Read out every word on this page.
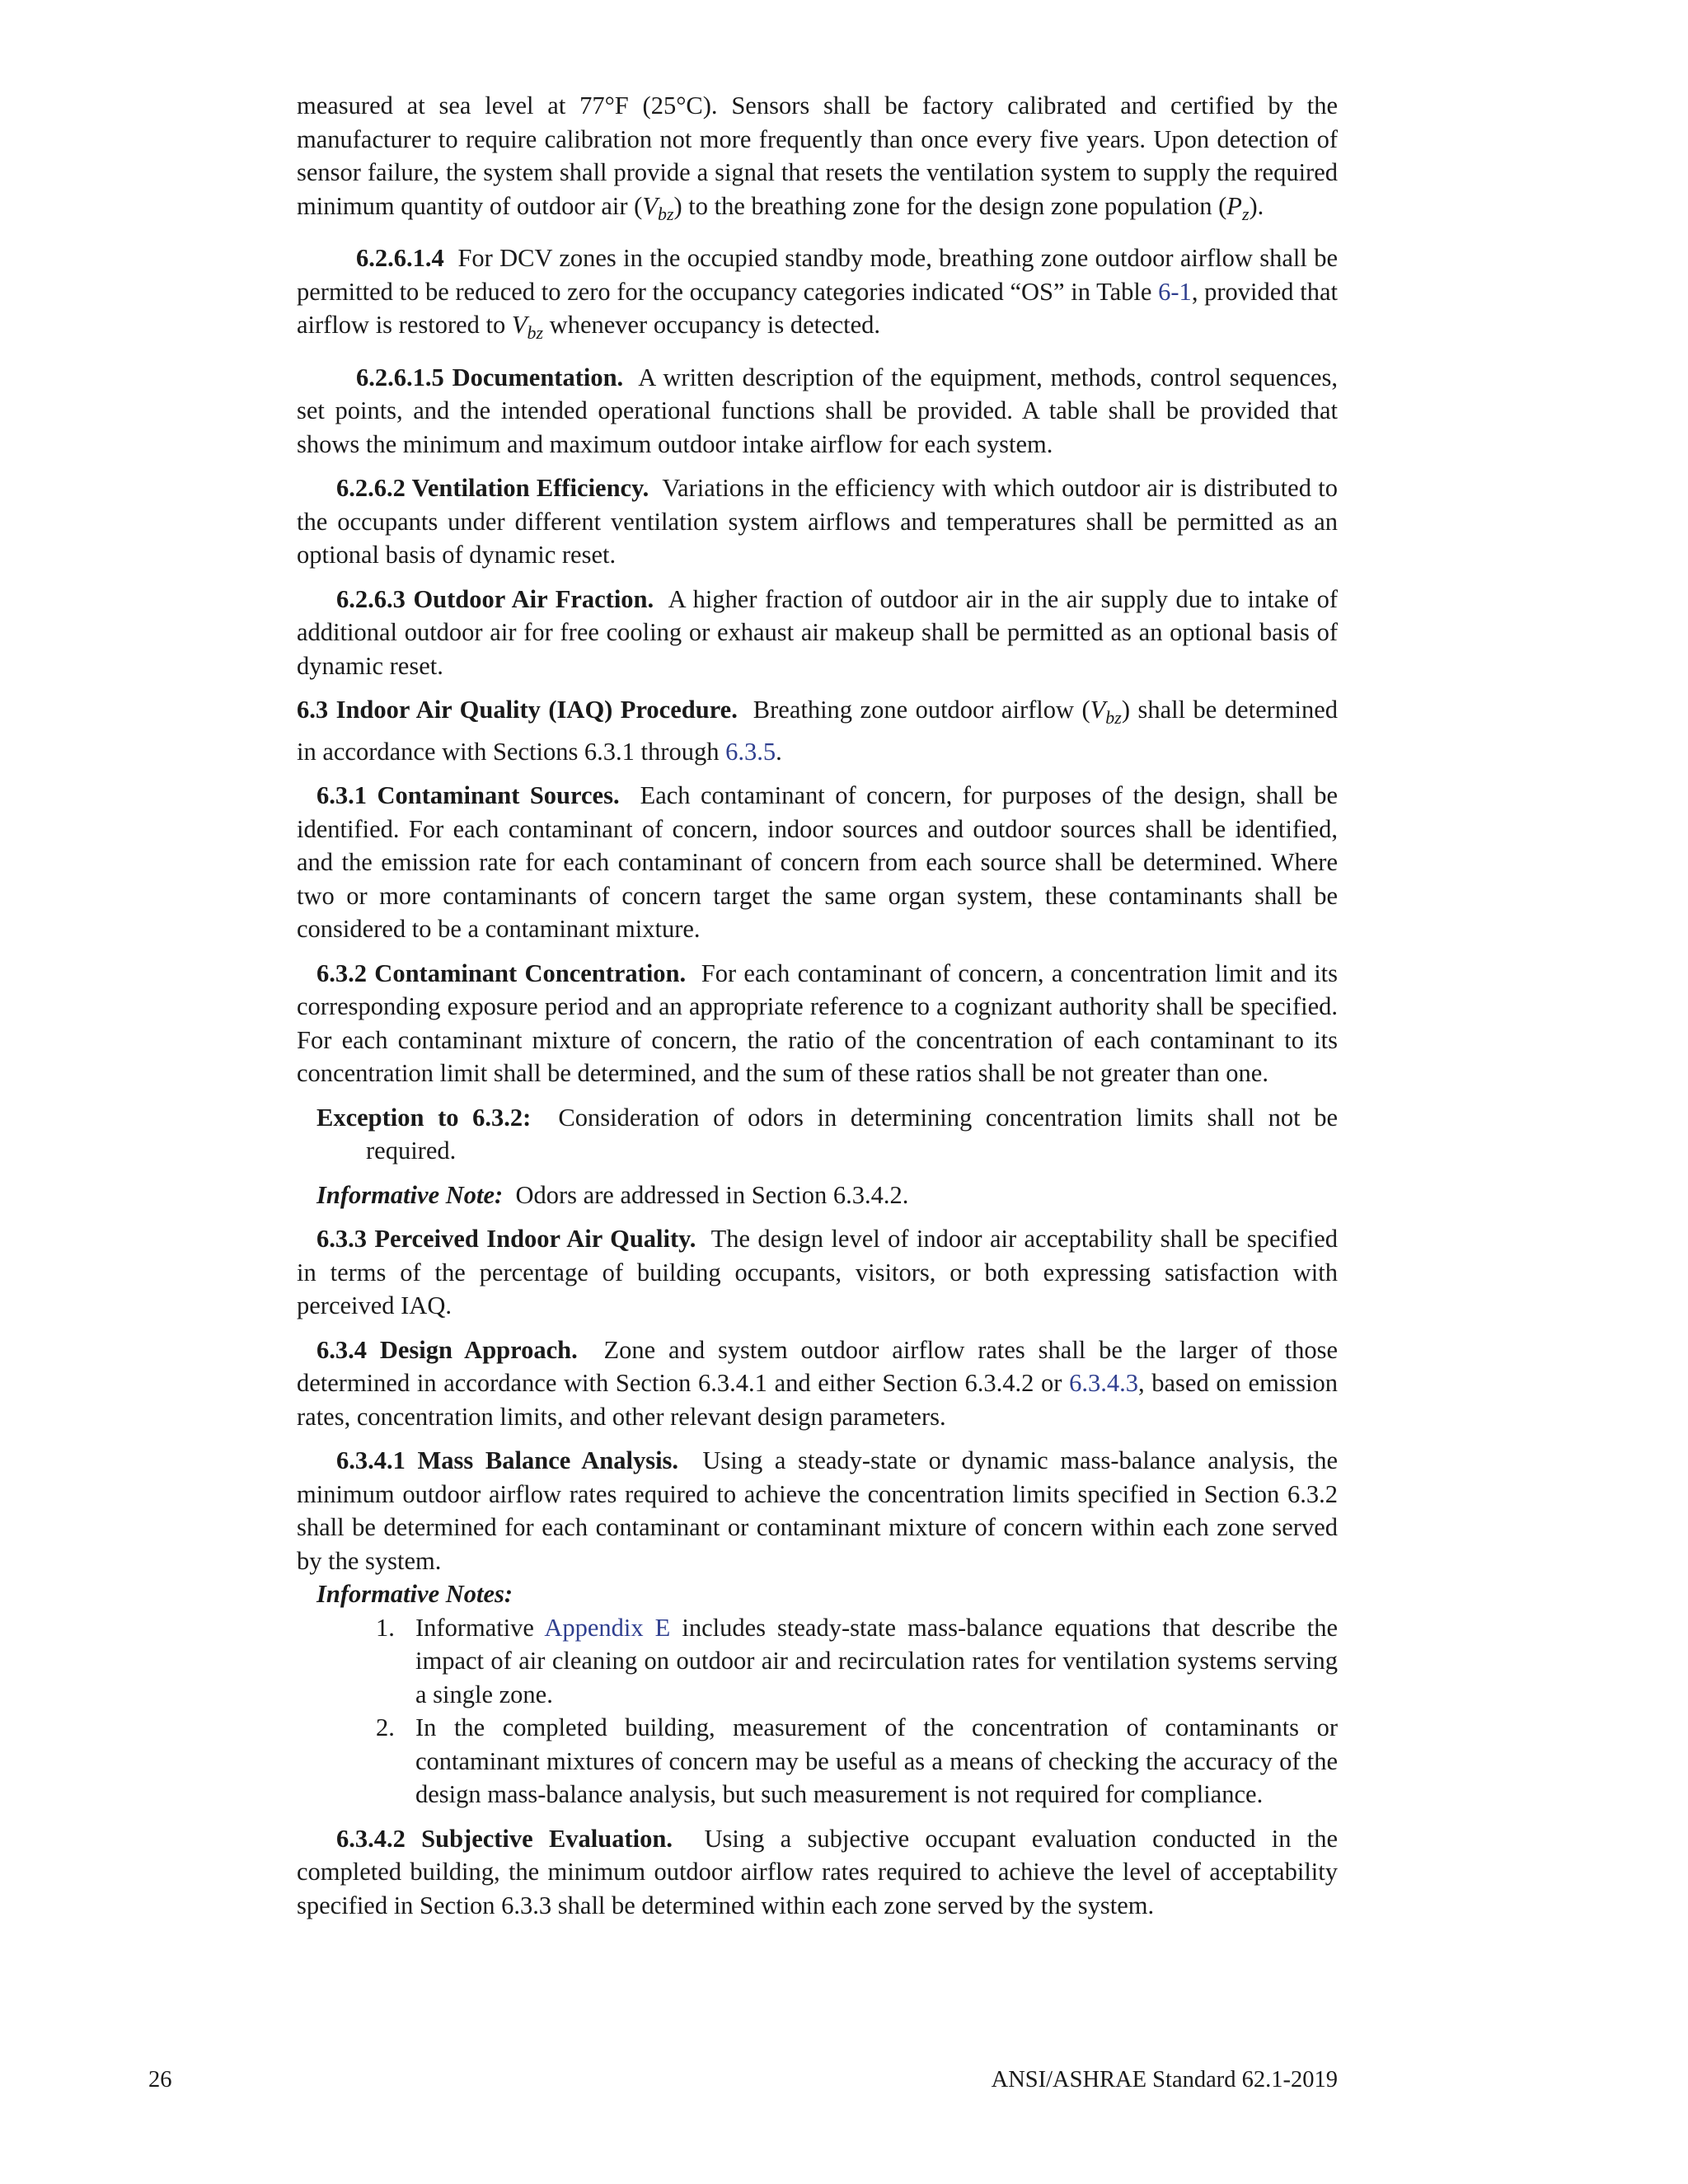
measured at sea level at 77°F (25°C). Sensors shall be factory calibrated and certified by the manufacturer to require calibration not more frequently than once every five years. Upon detection of sensor failure, the system shall provide a signal that resets the ventilation system to supply the required minimum quantity of outdoor air $(V_{bz})$ to the breathing zone for the design zone population $(P_z)$.

6.2.6.1.4 For DCV zones in the occupied standby mode, breathing zone outdoor airflow shall be permitted to be reduced to zero for the occupancy categories indicated “OS” in Table 6-1, provided that airflow is restored to $V_{bz}$ whenever occupancy is detected.

6.2.6.1.5 Documentation. A written description of the equipment, methods, control sequences, set points, and the intended operational functions shall be provided. A table shall be provided that shows the minimum and maximum outdoor intake airflow for each system.

6.2.6.2 Ventilation Efficiency. Variations in the efficiency with which outdoor air is distributed to the occupants under different ventilation system airflows and temperatures shall be permitted as an optional basis of dynamic reset.

6.2.6.3 Outdoor Air Fraction. A higher fraction of outdoor air in the air supply due to intake of additional outdoor air for free cooling or exhaust air makeup shall be permitted as an optional basis of dynamic reset.

6.3 Indoor Air Quality (IAQ) Procedure. Breathing zone outdoor airflow $(V_{bz})$ shall be determined in accordance with Sections 6.3.1 through 6.3.5.

6.3.1 Contaminant Sources. Each contaminant of concern, for purposes of the design, shall be identified. For each contaminant of concern, indoor sources and outdoor sources shall be identified, and the emission rate for each contaminant of concern from each source shall be determined. Where two or more contaminants of concern target the same organ system, these contaminants shall be considered to be a contaminant mixture.

6.3.2 Contaminant Concentration. For each contaminant of concern, a concentration limit and its corresponding exposure period and an appropriate reference to a cognizant authority shall be specified. For each contaminant mixture of concern, the ratio of the concentration of each contaminant to its concentration limit shall be determined, and the sum of these ratios shall be not greater than one.

Exception to 6.3.2: Consideration of odors in determining concentration limits shall not be required.

Informative Note: Odors are addressed in Section 6.3.4.2.

6.3.3 Perceived Indoor Air Quality. The design level of indoor air acceptability shall be specified in terms of the percentage of building occupants, visitors, or both expressing satisfaction with perceived IAQ.

6.3.4 Design Approach. Zone and system outdoor airflow rates shall be the larger of those determined in accordance with Section 6.3.4.1 and either Section 6.3.4.2 or 6.3.4.3, based on emission rates, concentration limits, and other relevant design parameters.

6.3.4.1 Mass Balance Analysis. Using a steady-state or dynamic mass-balance analysis, the minimum outdoor airflow rates required to achieve the concentration limits specified in Section 6.3.2 shall be determined for each contaminant or contaminant mixture of concern within each zone served by the system.

Informative Notes:

1. Informative Appendix E includes steady-state mass-balance equations that describe the impact of air cleaning on outdoor air and recirculation rates for ventilation systems serving a single zone.
2. In the completed building, measurement of the concentration of contaminants or contaminant mixtures of concern may be useful as a means of checking the accuracy of the design mass-balance analysis, but such measurement is not required for compliance.

6.3.4.2 Subjective Evaluation. Using a subjective occupant evaluation conducted in the completed building, the minimum outdoor airflow rates required to achieve the level of acceptability specified in Section 6.3.3 shall be determined within each zone served by the system.

26	ANSI/ASHRAE Standard 62.1-2019
